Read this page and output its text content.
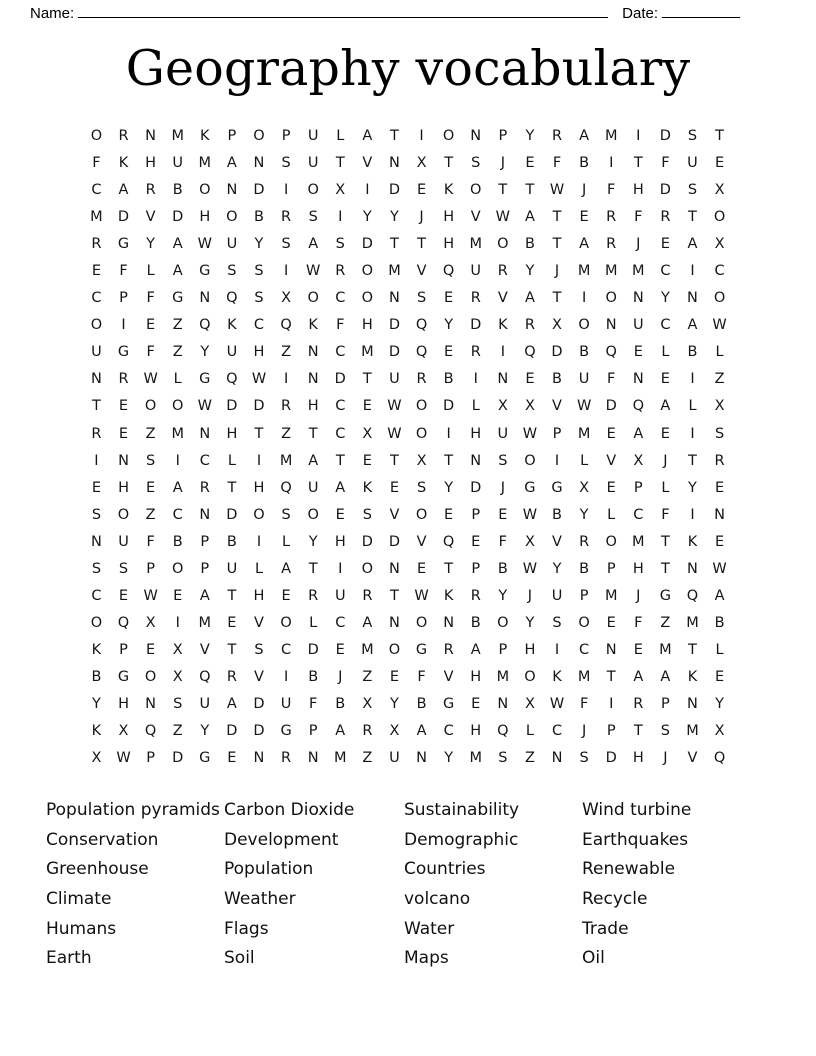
Name:	Date:
Geography vocabulary
O	R	N	M	K	P	O	P	U	L	A	T	I	O	N	P	Y	R	A	M	I	D	S	T
F	K	H	U	M	A	N	S	U	T	V	N	X	T	S	J	E	F	B	I	T	F	U	E
C	A	R	B	O	N	D	I	O	X	I	D	E	K	O	T	T	W	J	F	H	D	S	X
M	D	V	D	H	O	B	R	S	I	Y	Y	J	H	V	W	A	T	E	R	F	R	T	O
R	G	Y	A	W	U	Y	S	A	S	D	T	T	H	M	O	B	T	A	R	J	E	A	X
E	F	L	A	G	S	S	I	W	R	O	M	V	Q	U	R	Y	J	M	M	M	C	I	C
C	P	F	G	N	Q	S	X	O	C	O	N	S	E	R	V	A	T	I	O	N	Y	N	O
O	I	E	Z	Q	K	C	Q	K	F	H	D	Q	Y	D	K	R	X	O	N	U	C	A	W
U	G	F	Z	Y	U	H	Z	N	C	M	D	Q	E	R	I	Q	D	B	Q	E	L	B	L
N	R	W	L	G	Q W	I	N	D	T	U	R	B	I	N	E	B	U	F	N	E	I	Z
T	E	O	O W D	D	R	H	C	E	W O	D	L	X	X	V	W D	Q	A	L	X
R	E	Z	M	N	H	T	Z	T	C	X	W O	I	H	U	W	P	M	E	A	E	I	S
I	N	S	I	C	L	I	M	A	T	E	T	X	T	N	S	O	I	L	V	X	J	T	R
E	H	E	A	R	T	H	Q	U	A	K	E	S	Y	D	J	G	G	X	E	P	L	Y	E
S	O	Z	C	N	D	O	S	O	E	S	V	O	E	P	E	W	B	Y	L	C	F	I	N
N	U	F	B	P	B	I	L	Y	H	D	D	V	Q	E	F	X	V	R	O	M	T	K	E
S	S	P	O	P	U	L	A	T	I	O	N	E	T	P	B	W	Y	B	P	H	T	N	W
C	E	W	E	A	T	H	E	R	U	R	T	W	K	R	Y	J	U	P	M	J	G	Q	A
O	Q	X	I	M	E	V	O	L	C	A	N	O	N	B	O	Y	S	O	E	F	Z	M	B
K	P	E	X	V	T	S	C	D	E	M	O	G	R	A	P	H	I	C	N	E	M	T	L
B	G	O	X	Q	R	V	I	B	J	Z	E	F	V	H	M	O	K	M	T	A	A	K	E
Y	H	N	S	U	A	D	U	F	B	X	Y	B	G	E	N	X	W	F	I	R	P	N	Y
K	X	Q	Z	Y	D	D	G	P	A	R	X	A	C	H	Q	L	C	J	P	T	S	M	X
X	W	P	D	G	E	N	R	N	M	Z	U	N	Y	M	S	Z	N	S	D	H	J	V	Q
Population pyramids
Conservation
Greenhouse
Climate
Humans
Earth
Carbon Dioxide
Development
Population
Weather
Flags
Soil
Sustainability
Demographic
Countries
volcano
Water
Maps
Wind turbine
Earthquakes
Renewable
Recycle
Trade
Oil
